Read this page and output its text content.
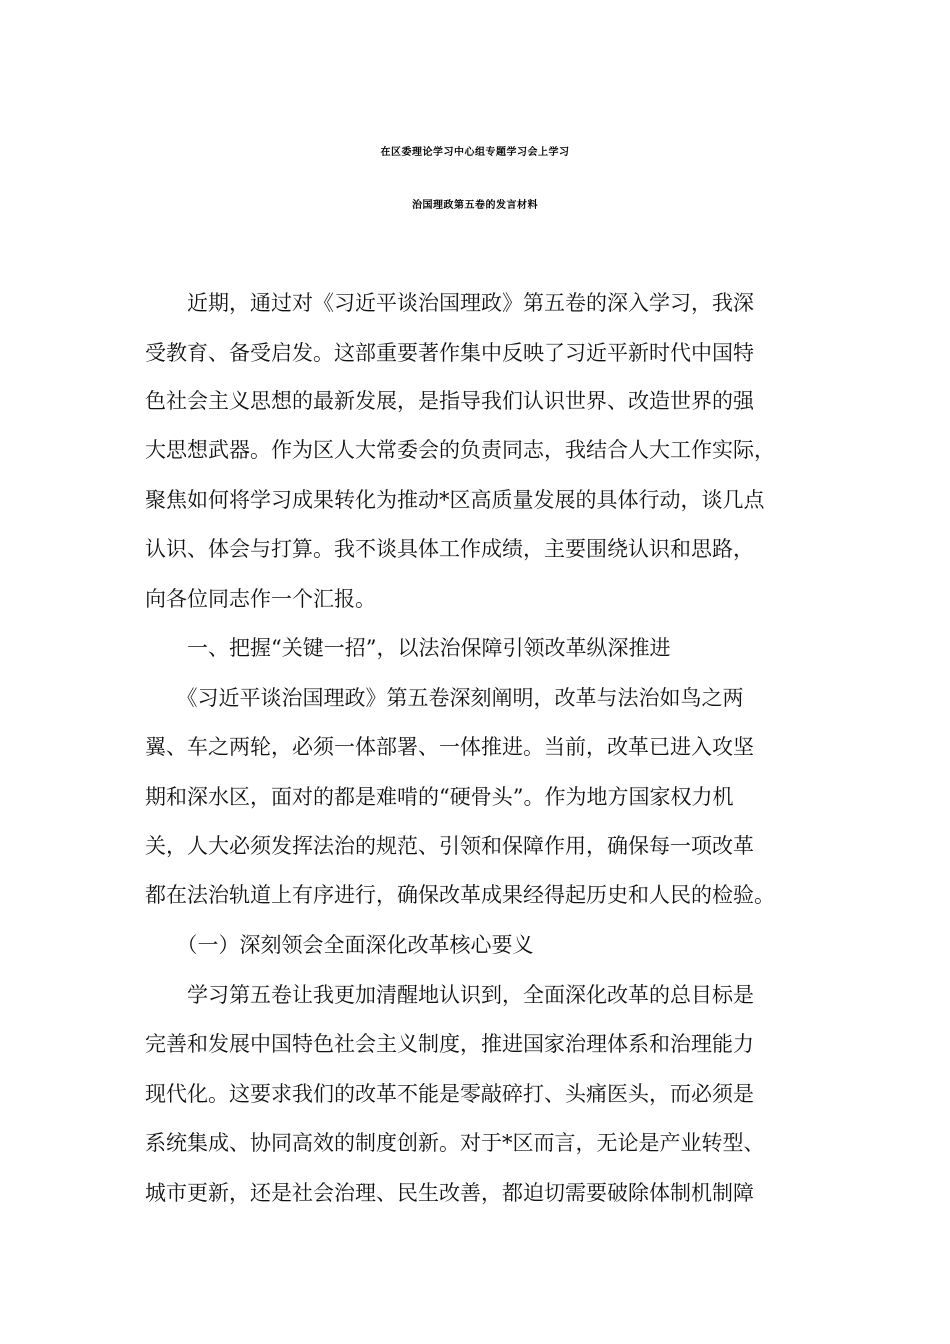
在区委理论学习中心组专题学习会上学习
治国理政第五卷的发言材料
　　近期，通过对《习近平谈治国理政》第五卷的深入学习，我深
受教育、备受启发。这部重要著作集中反映了习近平新时代中国特
色社会主义思想的最新发展，是指导我们认识世界、改造世界的强
大思想武器。作为区人大常委会的负责同志，我结合人大工作实际，
聚焦如何将学习成果转化为推动*区高质量发展的具体行动，谈几点
认识、体会与打算。我不谈具体工作成绩，主要围绕认识和思路，
向各位同志作一个汇报。
　　一、把握“关键一招”，以法治保障引领改革纵深推进
　　《习近平谈治国理政》第五卷深刻阐明，改革与法治如鸟之两
翼、车之两轮，必须一体部署、一体推进。当前，改革已进入攻坚
期和深水区，面对的都是难啃的“硬骨头”。作为地方国家权力机
关，人大必须发挥法治的规范、引领和保障作用，确保每一项改革
都在法治轨道上有序进行，确保改革成果经得起历史和人民的检验。
　　（一）深刻领会全面深化改革核心要义
　　学习第五卷让我更加清醒地认识到，全面深化改革的总目标是
完善和发展中国特色社会主义制度，推进国家治理体系和治理能力
现代化。这要求我们的改革不能是零敲碎打、头痛医头，而必须是
系统集成、协同高效的制度创新。对于*区而言，无论是产业转型、
城市更新，还是社会治理、民生改善，都迫切需要破除体制机制障
